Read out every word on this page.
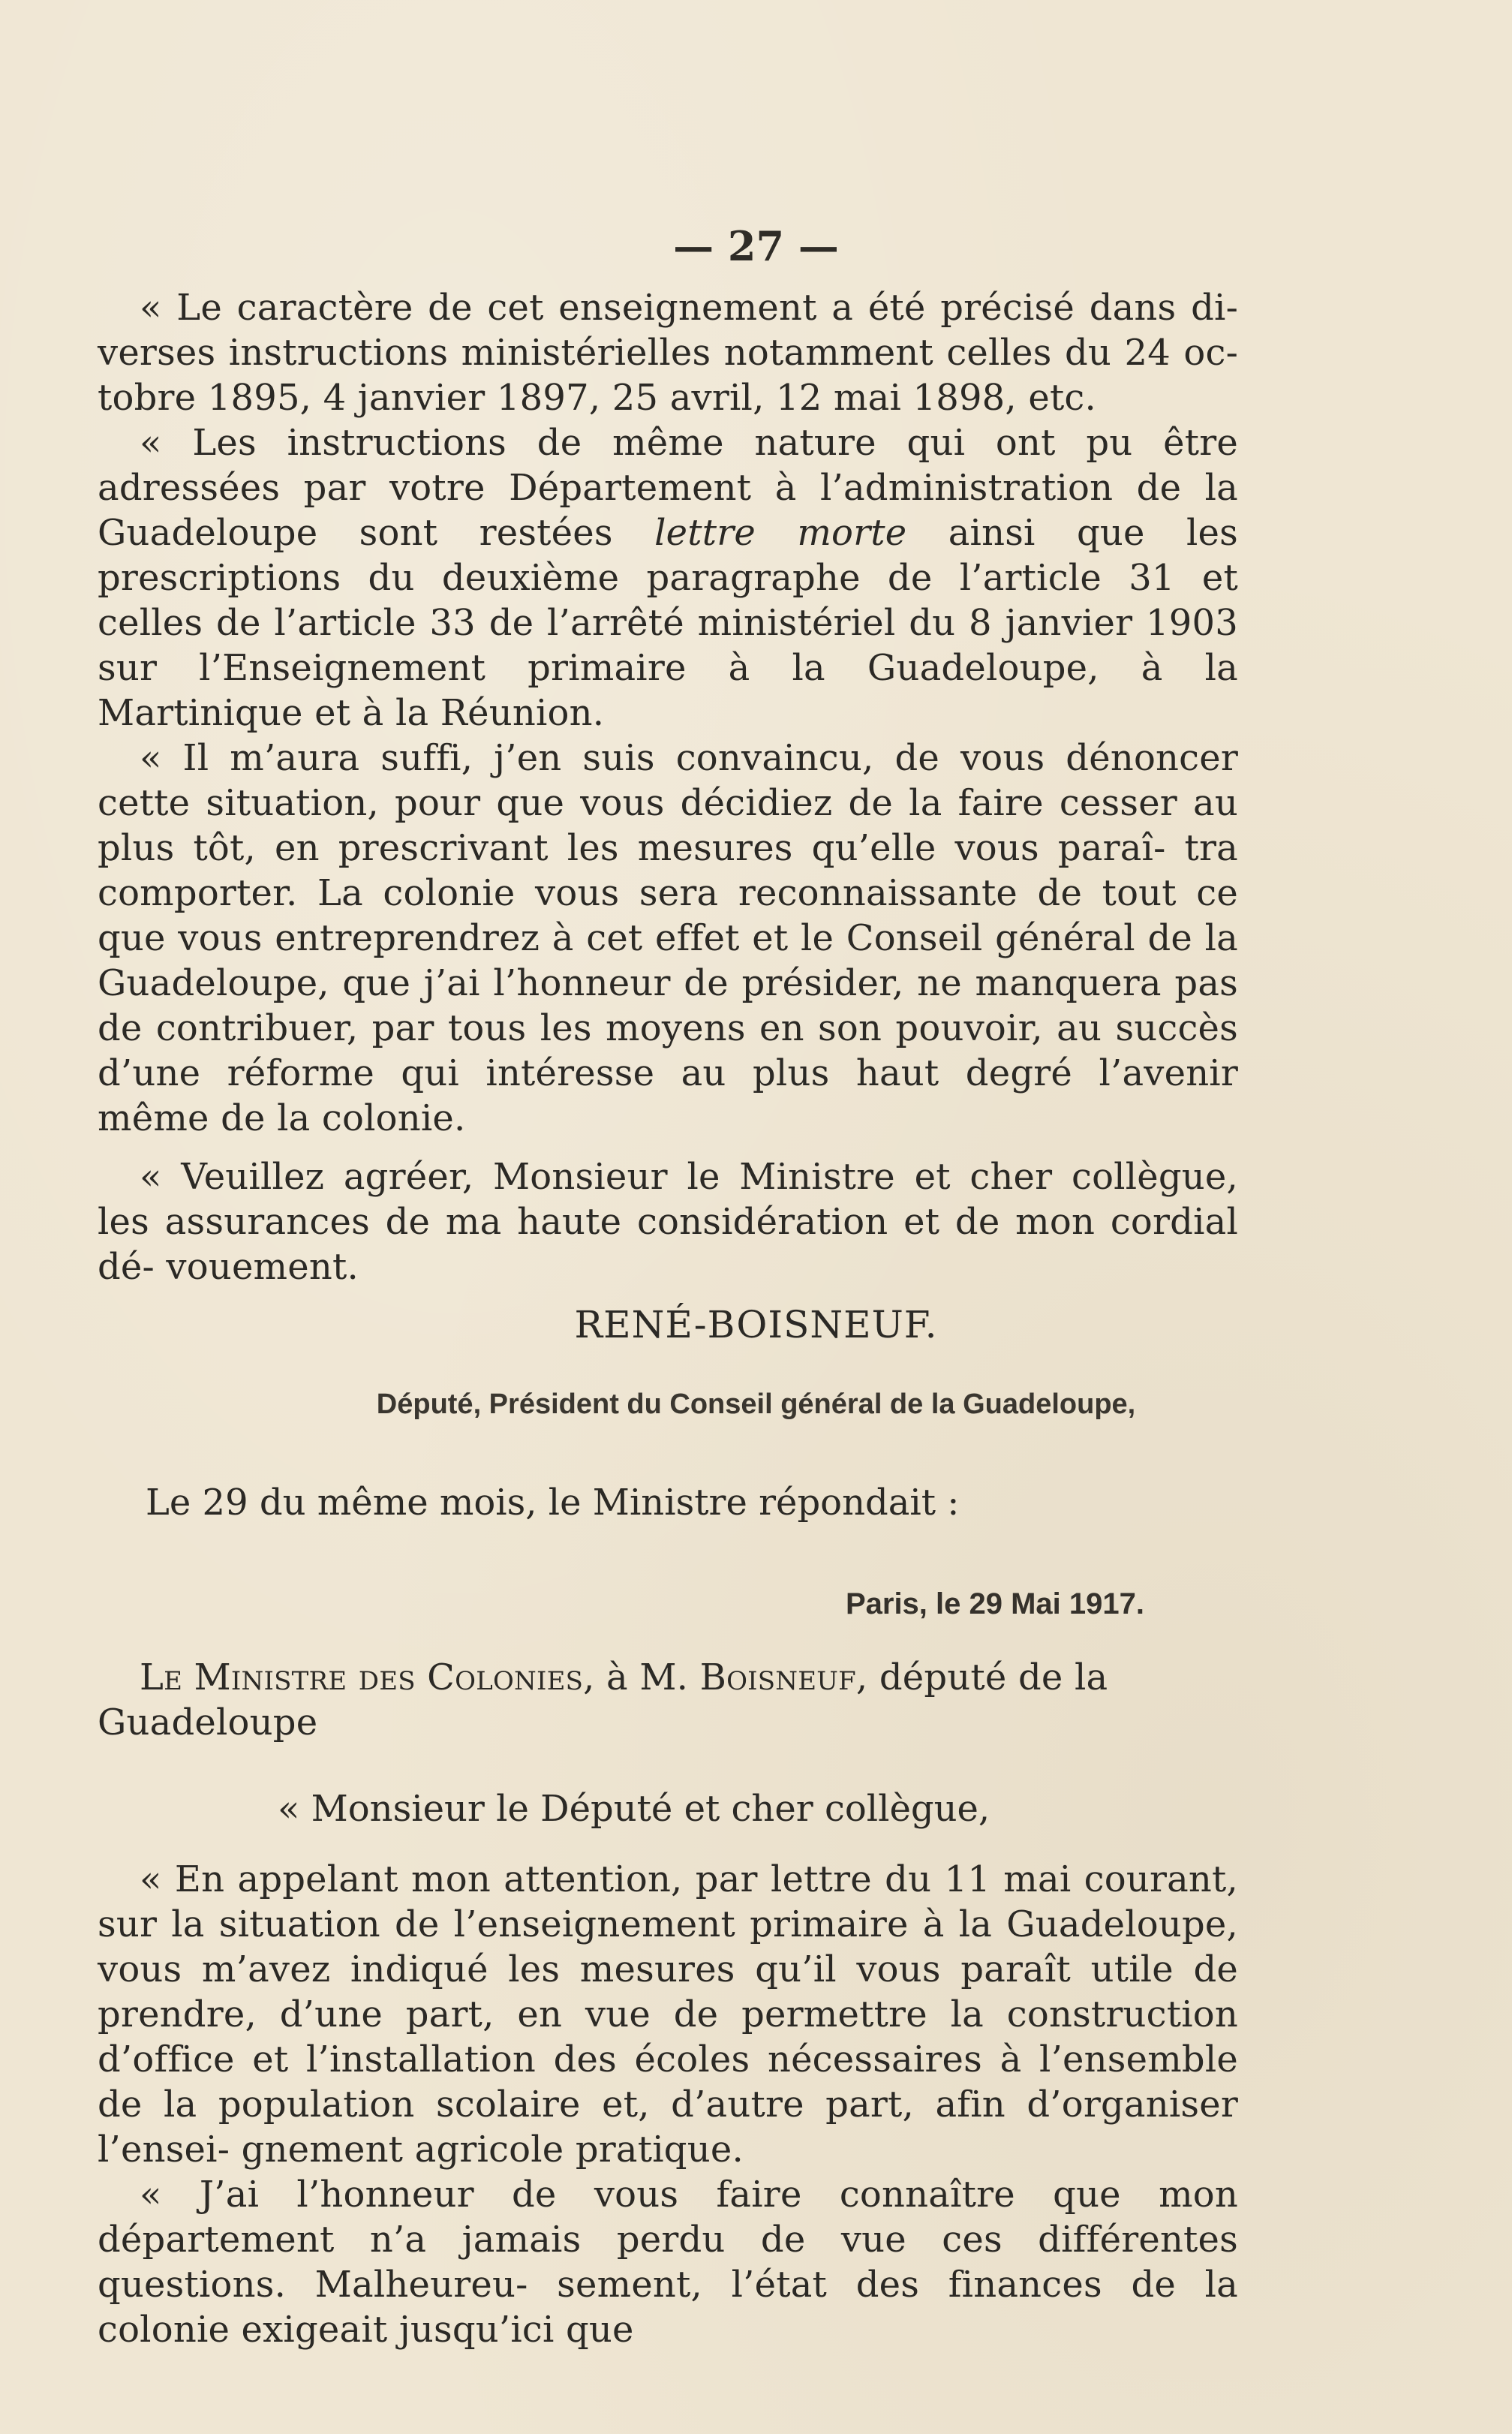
— 27 —

« Le caractère de cet enseignement a été précisé dans di- verses instructions ministérielles notamment celles du 24 oc- tobre 1895, 4 janvier 1897, 25 avril, 12 mai 1898, etc.

« Les instructions de même nature qui ont pu être adressées par votre Département à l’administration de la Guadeloupe sont restées lettre morte ainsi que les prescriptions du deuxième paragraphe de l’article 31 et celles de l’article 33 de l’arrêté ministériel du 8 janvier 1903 sur l’Enseignement primaire à la Guadeloupe, à la Martinique et à la Réunion.

« Il m’aura suffi, j’en suis convaincu, de vous dénoncer cette situation, pour que vous décidiez de la faire cesser au plus tôt, en prescrivant les mesures qu’elle vous paraî- tra comporter. La colonie vous sera reconnaissante de tout ce que vous entreprendrez à cet effet et le Conseil général de la Guadeloupe, que j’ai l’honneur de présider, ne manquera pas de contribuer, par tous les moyens en son pouvoir, au succès d’une réforme qui intéresse au plus haut degré l’avenir même de la colonie.

« Veuillez agréer, Monsieur le Ministre et cher collègue, les assurances de ma haute considération et de mon cordial dé- vouement.

RENÉ-BOISNEUF.
Député, Président du Conseil général de la Guadeloupe,
Le 29 du même mois, le Ministre répondait :
Paris, le 29 Mai 1917.

Le Ministre des Colonies, à M. Boisneuf, député de la Guadeloupe

« Monsieur le Député et cher collègue,

« En appelant mon attention, par lettre du 11 mai courant, sur la situation de l’enseignement primaire à la Guadeloupe, vous m’avez indiqué les mesures qu’il vous paraît utile de prendre, d’une part, en vue de permettre la construction d’office et l’installation des écoles nécessaires à l’ensemble de la population scolaire et, d’autre part, afin d’organiser l’ensei- gnement agricole pratique.

« J’ai l’honneur de vous faire connaître que mon département n’a jamais perdu de vue ces différentes questions. Malheureu- sement, l’état des finances de la colonie exigeait jusqu’ici que
